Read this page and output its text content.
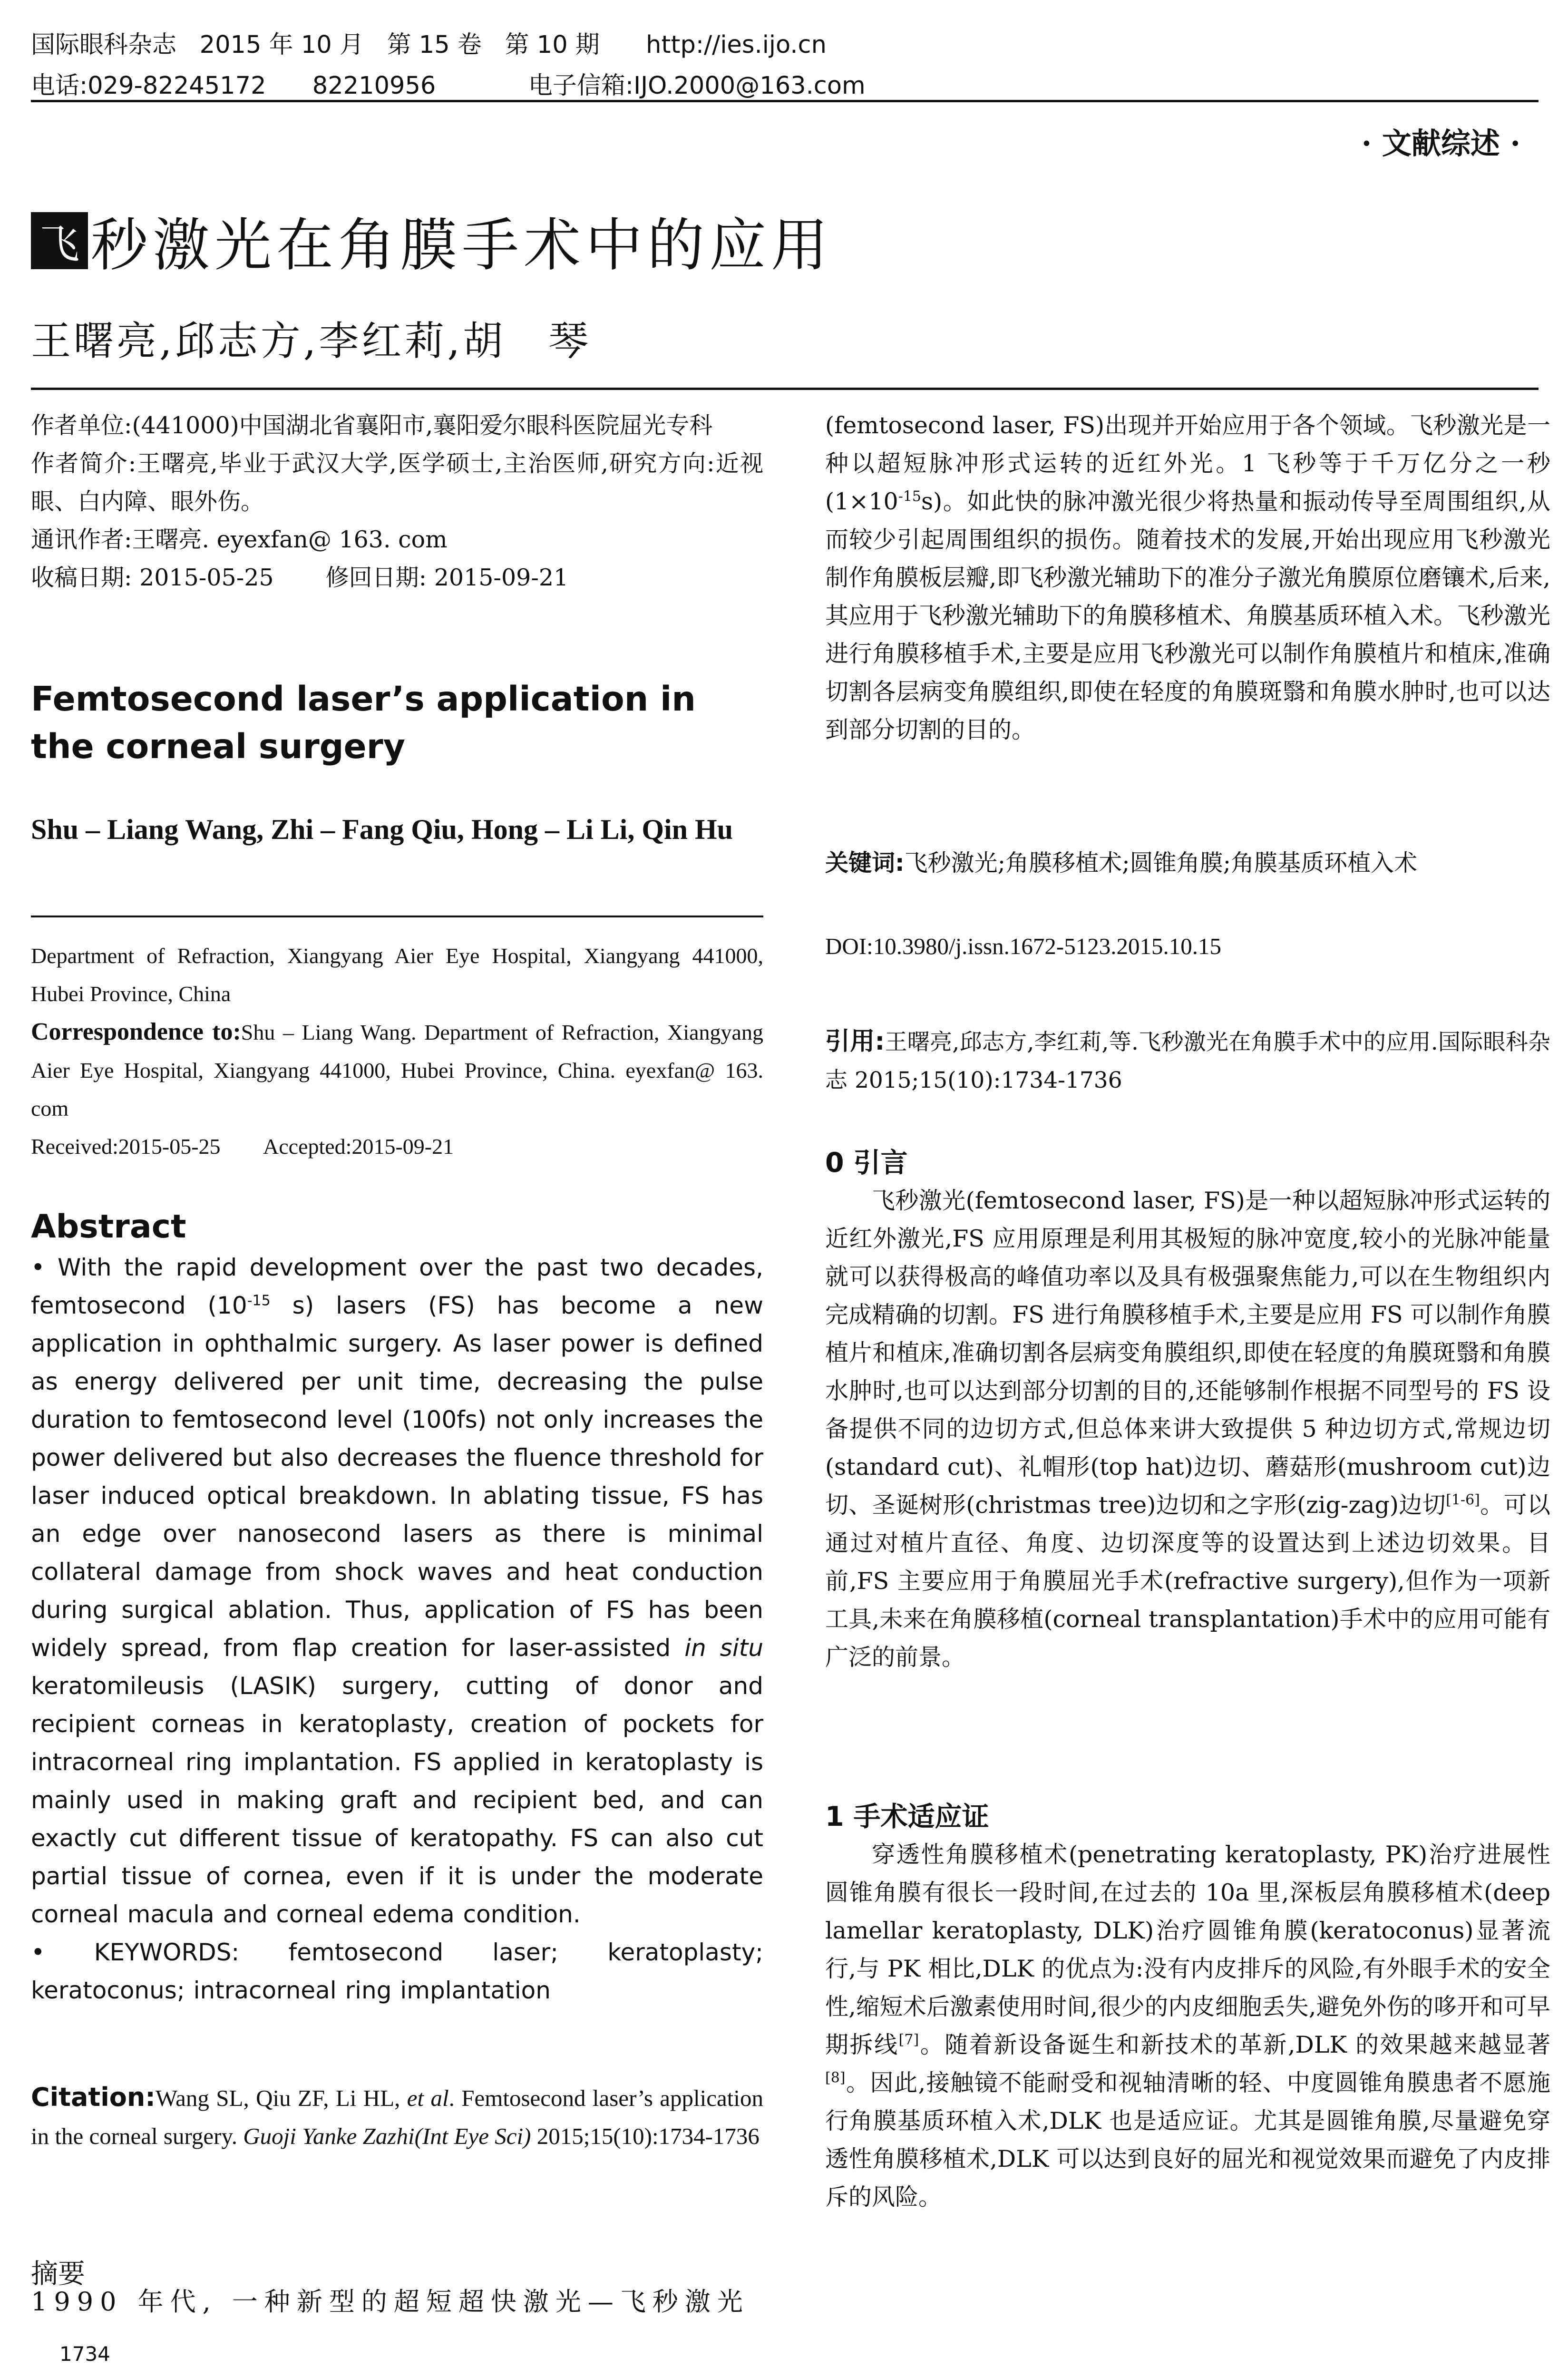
国际眼科杂志   2015 年 10 月   第 15 卷   第 10 期      http://ies.ijo.cn
电话:029-82245172      82210956            电子信箱:IJO.2000@163.com
· 文献综述 ·
飞 秒激光在角膜手术中的应用
王曙亮,邱志方,李红莉,胡　琴

作者单位:(441000)中国湖北省襄阳市,襄阳爱尔眼科医院屈光专科

作者简介:王曙亮,毕业于武汉大学,医学硕士,主治医师,研究方向:近视眼、白内障、眼外伤。

通讯作者:王曙亮. eyexfan@ 163. com

收稿日期: 2015-05-25       修回日期: 2015-09-21

Femtosecond laser’s application in the corneal surgery
Shu – Liang Wang, Zhi – Fang Qiu, Hong – Li Li, Qin Hu

Department of Refraction, Xiangyang Aier Eye Hospital, Xiangyang 441000, Hubei Province, China

Correspondence to:Shu – Liang Wang. Department of Refraction, Xiangyang Aier Eye Hospital, Xiangyang 441000, Hubei Province, China. eyexfan@ 163. com

Received:2015-05-25        Accepted:2015-09-21

Abstract

• With the rapid development over the past two decades, femtosecond ($10^{-15}$ s) lasers (FS) has become a new application in ophthalmic surgery. As laser power is defined as energy delivered per unit time, decreasing the pulse duration to femtosecond level (100fs) not only increases the power delivered but also decreases the fluence threshold for laser induced optical breakdown. In ablating tissue, FS has an edge over nanosecond lasers as there is minimal collateral damage from shock waves and heat conduction during surgical ablation. Thus, application of FS has been widely spread, from flap creation for laser-assisted in situ keratomileusis (LASIK) surgery, cutting of donor and recipient corneas in keratoplasty, creation of pockets for intracorneal ring implantation. FS applied in keratoplasty is mainly used in making graft and recipient bed, and can exactly cut different tissue of keratopathy. FS can also cut partial tissue of cornea, even if it is under the moderate corneal macula and corneal edema condition.

• KEYWORDS: femtosecond laser; keratoplasty; keratoconus; intracorneal ring implantation

Citation:Wang SL, Qiu ZF, Li HL, et al. Femtosecond laser’s application in the corneal surgery. Guoji Yanke Zazhi(Int Eye Sci) 2015;15(10):1734-1736

摘要
1990 年代, 一种新型的超短超快激光—飞秒激光
1734

(femtosecond laser, FS)出现并开始应用于各个领域。飞秒激光是一种以超短脉冲形式运转的近红外光。1 飞秒等于千万亿分之一秒$(1\times 10^{-15}s)$。如此快的脉冲激光很少将热量和振动传导至周围组织,从而较少引起周围组织的损伤。随着技术的发展,开始出现应用飞秒激光制作角膜板层瓣,即飞秒激光辅助下的准分子激光角膜原位磨镶术,后来,其应用于飞秒激光辅助下的角膜移植术、角膜基质环植入术。飞秒激光进行角膜移植手术,主要是应用飞秒激光可以制作角膜植片和植床,准确切割各层病变角膜组织,即使在轻度的角膜斑翳和角膜水肿时,也可以达到部分切割的目的。

关键词:飞秒激光;角膜移植术;圆锥角膜;角膜基质环植入术

DOI:10.3980/j.issn.1672-5123.2015.10.15

引用:王曙亮,邱志方,李红莉,等.飞秒激光在角膜手术中的应用.国际眼科杂志 2015;15(10):1734-1736

0 引言

飞秒激光(femtosecond laser, FS)是一种以超短脉冲形式运转的近红外激光,FS 应用原理是利用其极短的脉冲宽度,较小的光脉冲能量就可以获得极高的峰值功率以及具有极强聚焦能力,可以在生物组织内完成精确的切割。FS 进行角膜移植手术,主要是应用 FS 可以制作角膜植片和植床,准确切割各层病变角膜组织,即使在轻度的角膜斑翳和角膜水肿时,也可以达到部分切割的目的,还能够制作根据不同型号的 FS 设备提供不同的边切方式,但总体来讲大致提供 5 种边切方式,常规边切(standard cut)、礼帽形(top hat)边切、蘑菇形(mushroom cut)边切、圣诞树形(christmas tree)边切和之字形(zig-zag)边切[1-6]。可以通过对植片直径、角度、边切深度等的设置达到上述边切效果。目前,FS 主要应用于角膜屈光手术(refractive surgery),但作为一项新工具,未来在角膜移植(corneal transplantation)手术中的应用可能有广泛的前景。

1 手术适应证

穿透性角膜移植术(penetrating keratoplasty, PK)治疗进展性圆锥角膜有很长一段时间,在过去的 10a 里,深板层角膜移植术(deep lamellar keratoplasty, DLK)治疗圆锥角膜(keratoconus)显著流行,与 PK 相比,DLK 的优点为:没有内皮排斥的风险,有外眼手术的安全性,缩短术后激素使用时间,很少的内皮细胞丢失,避免外伤的哆开和可早期拆线[7]。随着新设备诞生和新技术的革新,DLK 的效果越来越显著[8]。因此,接触镜不能耐受和视轴清晰的轻、中度圆锥角膜患者不愿施行角膜基质环植入术,DLK 也是适应证。尤其是圆锥角膜,尽量避免穿透性角膜移植术,DLK 可以达到良好的屈光和视觉效果而避免了内皮排斥的风险。
